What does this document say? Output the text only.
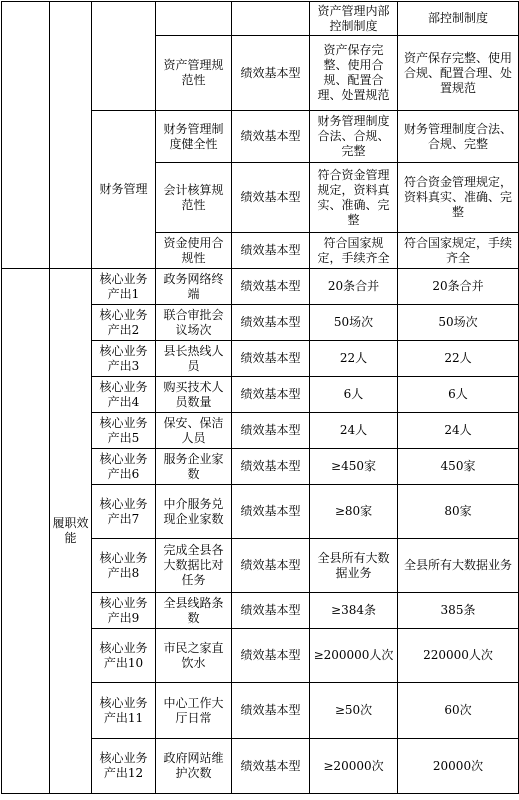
					资产管理内部控制制度	部控制制度
			资产管理规范性	绩效基本型	资产保存完整、使用合规、配置合理、处置规范	资产保存完整、使用合规、配置合理、处置规范
		财务管理	财务管理制度健全性	绩效基本型	财务管理制度合法、合规、完整	财务管理制度合法、合规、完整
			会计核算规范性	绩效基本型	符合资金管理规定，资料真实、准确、完整	符合资金管理规定，资料真实、准确、完整
			资金使用合规性	绩效基本型	符合国家规定，手续齐全	符合国家规定，手续齐全
	履职效能	核心业务产出1	政务网络终端	绩效基本型	20条合并	20条合并
		核心业务产出2	联合审批会议场次	绩效基本型	50场次	50场次
		核心业务产出3	县长热线人员	绩效基本型	22人	22人
		核心业务产出4	购买技术人员数量	绩效基本型	6人	6人
		核心业务产出5	保安、保洁人员	绩效基本型	24人	24人
		核心业务产出6	服务企业家数	绩效基本型	≥450家	450家
		核心业务产出7	中介服务兑现企业家数	绩效基本型	≥80家	80家
		核心业务产出8	完成全县各大数据比对任务	绩效基本型	全县所有大数据业务	全县所有大数据业务
		核心业务产出9	全县线路条数	绩效基本型	≥384条	385条
		核心业务产出10	市民之家直饮水	绩效基本型	≥200000人次	220000人次
		核心业务产出11	中心工作大厅日常	绩效基本型	≥50次	60次
		核心业务产出12	政府网站维护次数	绩效基本型	≥20000次	20000次
